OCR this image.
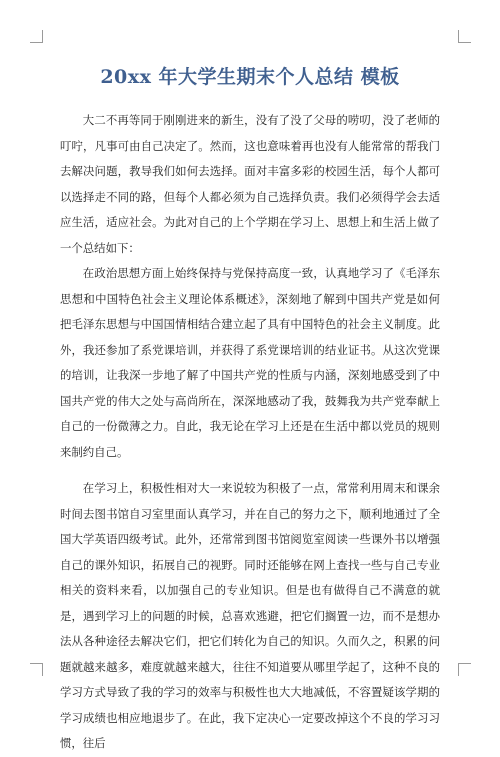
20xx 年大学生期末个人总结 模板

大二不再等同于刚刚进来的新生，没有了没了父母的唠叨，没了老师的叮咛，凡事可由自己决定了。然而，这也意味着再也没有人能常常的帮我门去解决问题，教导我们如何去选择。面对丰富多彩的校园生活，每个人都可以选择走不同的路，但每个人都必须为自己选择负责。我们必须得学会去适应生活，适应社会。为此对自己的上个学期在学习上、思想上和生活上做了一个总结如下：

在政治思想方面上始终保持与党保持高度一致，认真地学习了《毛泽东思想和中国特色社会主义理论体系概述》，深刻地了解到中国共产党是如何把毛泽东思想与中国国情相结合建立起了具有中国特色的社会主义制度。此外，我还参加了系党课培训，并获得了系党课培训的结业证书。从这次党课的培训，让我深一步地了解了中国共产党的性质与内涵，深刻地感受到了中国共产党的伟大之处与高尚所在，深深地感动了我，鼓舞我为共产党奉献上自己的一份微薄之力。自此，我无论在学习上还是在生活中都以党员的规则来制约自己。

在学习上，积极性相对大一来说较为积极了一点，常常利用周末和课余时间去图书馆自习室里面认真学习，并在自己的努力之下，顺利地通过了全国大学英语四级考试。此外，还常常到图书馆阅览室阅读一些课外书以增强自己的课外知识，拓展自己的视野。同时还能够在网上查找一些与自己专业相关的资料来看，以加强自己的专业知识。但是也有做得自己不满意的就是，遇到学习上的问题的时候，总喜欢逃避，把它们搁置一边，而不是想办法从各种途径去解决它们，把它们转化为自己的知识。久而久之，积累的问题就越来越多，难度就越来越大，往往不知道要从哪里学起了，这种不良的学习方式导致了我的学习的效率与积极性也大大地减低，不容置疑该学期的学习成绩也相应地退步了。在此，我下定决心一定要改掉这个不良的学习习惯，往后
